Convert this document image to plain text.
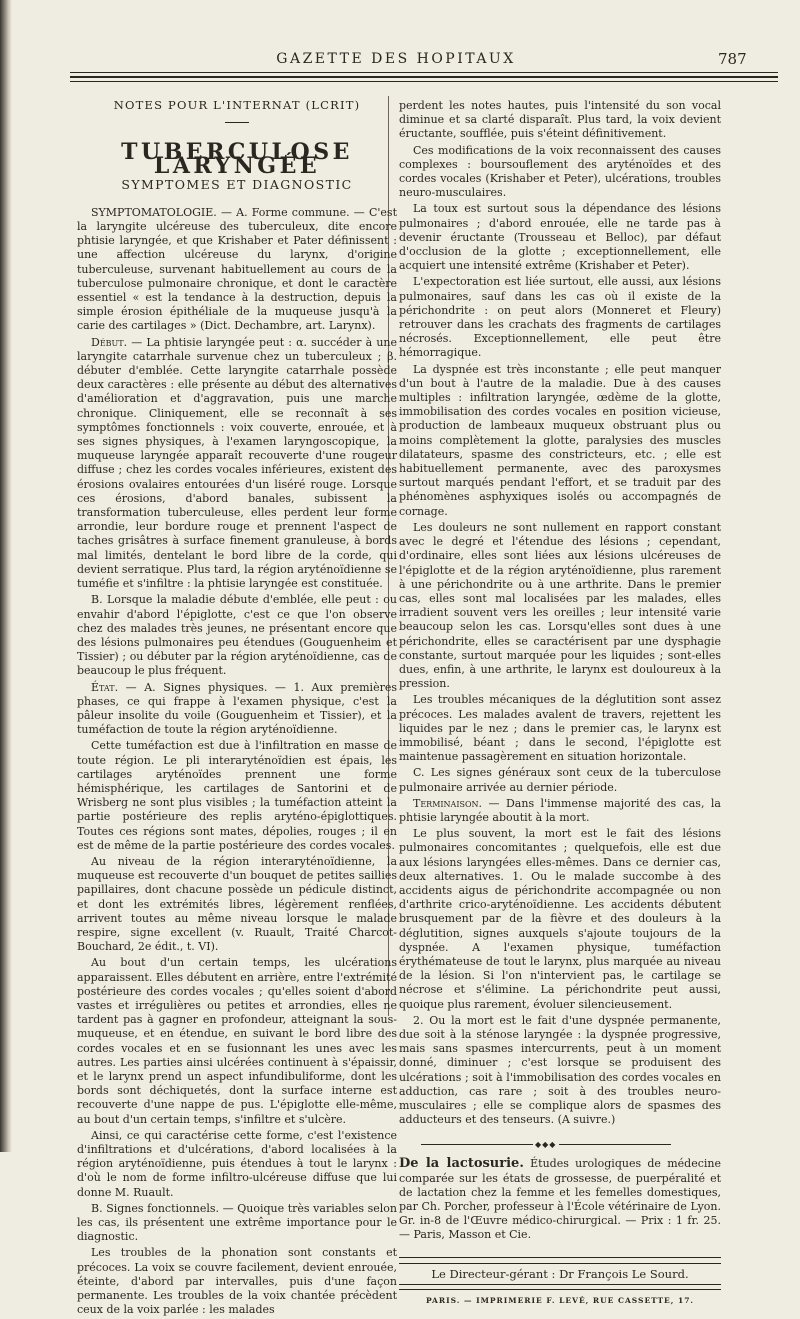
GAZETTE DES HOPITAUX	787
NOTES POUR L'INTERNAT (LCRIT)
TUBERCULOSE LARYNGÉE
SYMPTOMES ET DIAGNOSTIC

SYMPTOMATOLOGIE. — A. Forme commune. — C'est la laryngite ulcéreuse des tuberculeux, dite encore phtisie laryngée, et que Krishaber et Pater définissent : une affection ulcéreuse du larynx, d'origine tuberculeuse, survenant habituellement au cours de la tuberculose pulmonaire chronique, et dont le caractère essentiel « est la tendance à la destruction, depuis la simple érosion épithéliale de la muqueuse jusqu'à la carie des cartilages » (Dict. Dechambre, art. Larynx).

Début. — La phtisie laryngée peut : α. succéder à une laryngite catarrhale survenue chez un tuberculeux ; β. débuter d'emblée. Cette laryngite catarrhale possède deux caractères : elle présente au début des alternatives d'amélioration et d'aggravation, puis une marche chronique. Cliniquement, elle se reconnaît à ses symptômes fonctionnels : voix couverte, enrouée, et à ses signes physiques, à l'examen laryngoscopique, la muqueuse laryngée apparaît recouverte d'une rougeur diffuse ; chez les cordes vocales inférieures, existent des érosions ovalaires entourées d'un liséré rouge. Lorsque ces érosions, d'abord banales, subissent la transformation tuberculeuse, elles perdent leur forme arrondie, leur bordure rouge et prennent l'aspect de taches grisâtres à surface finement granuleuse, à bords mal limités, dentelant le bord libre de la corde, qui devient serratique. Plus tard, la région aryténoïdienne se tuméfie et s'infiltre : la phtisie laryngée est constituée.

B. Lorsque la maladie débute d'emblée, elle peut : ou envahir d'abord l'épiglotte, c'est ce que l'on observe chez des malades très jeunes, ne présentant encore que des lésions pulmonaires peu étendues (Gouguenheim et Tissier) ; ou débuter par la région aryténoïdienne, cas de beaucoup le plus fréquent.

État. — A. Signes physiques. — 1. Aux premières phases, ce qui frappe à l'examen physique, c'est la pâleur insolite du voile (Gouguenheim et Tissier), et la tuméfaction de toute la région aryténoïdienne.

Cette tuméfaction est due à l'infiltration en masse de toute région. Le pli interaryténoïdien est épais, les cartilages aryténoïdes prennent une forme hémisphérique, les cartilages de Santorini et de Wrisberg ne sont plus visibles ; la tuméfaction atteint la partie postérieure des replis aryténo-épiglottiques. Toutes ces régions sont mates, dépolies, rouges ; il en est de même de la partie postérieure des cordes vocales.

Au niveau de la région interaryténoïdienne, la muqueuse est recouverte d'un bouquet de petites saillies papillaires, dont chacune possède un pédicule distinct, et dont les extrémités libres, légèrement renflées, arrivent toutes au même niveau lorsque le malade respire, signe excellent (v. Ruault, Traité Charcot-Bouchard, 2e édit., t. VI).

Au bout d'un certain temps, les ulcérations apparaissent. Elles débutent en arrière, entre l'extrémité postérieure des cordes vocales ; qu'elles soient d'abord vastes et irrégulières ou petites et arrondies, elles ne tardent pas à gagner en profondeur, atteignant la sous-muqueuse, et en étendue, en suivant le bord libre des cordes vocales et en se fusionnant les unes avec les autres. Les parties ainsi ulcérées continuent à s'épaissir, et le larynx prend un aspect infundibuliforme, dont les bords sont déchiquetés, dont la surface interne est recouverte d'une nappe de pus. L'épiglotte elle-même, au bout d'un certain temps, s'infiltre et s'ulcère.

Ainsi, ce qui caractérise cette forme, c'est l'existence d'infiltrations et d'ulcérations, d'abord localisées à la région aryténoïdienne, puis étendues à tout le larynx : d'où le nom de forme infiltro-ulcéreuse diffuse que lui donne M. Ruault.

B. Signes fonctionnels. — Quoique très variables selon les cas, ils présentent une extrême importance pour le diagnostic.

Les troubles de la phonation sont constants et précoces. La voix se couvre facilement, devient enrouée, éteinte, d'abord par intervalles, puis d'une façon permanente. Les troubles de la voix chantée précèdent ceux de la voix parlée : les malades

perdent les notes hautes, puis l'intensité du son vocal diminue et sa clarté disparaît. Plus tard, la voix devient éructante, soufflée, puis s'éteint définitivement.

Ces modifications de la voix reconnaissent des causes complexes : boursouflement des aryténoïdes et des cordes vocales (Krishaber et Peter), ulcérations, troubles neuro-musculaires.

La toux est surtout sous la dépendance des lésions pulmonaires ; d'abord enrouée, elle ne tarde pas à devenir éructante (Trousseau et Belloc), par défaut d'occlusion de la glotte ; exceptionnellement, elle acquiert une intensité extrême (Krishaber et Peter).

L'expectoration est liée surtout, elle aussi, aux lésions pulmonaires, sauf dans les cas où il existe de la périchondrite : on peut alors (Monneret et Fleury) retrouver dans les crachats des fragments de cartilages nécrosés. Exceptionnellement, elle peut être hémorragique.

La dyspnée est très inconstante ; elle peut manquer d'un bout à l'autre de la maladie. Due à des causes multiples : infiltration laryngée, œdème de la glotte, immobilisation des cordes vocales en position vicieuse, production de lambeaux muqueux obstruant plus ou moins complètement la glotte, paralysies des muscles dilatateurs, spasme des constricteurs, etc. ; elle est habituellement permanente, avec des paroxysmes surtout marqués pendant l'effort, et se traduit par des phénomènes asphyxiques isolés ou accompagnés de cornage.

Les douleurs ne sont nullement en rapport constant avec le degré et l'étendue des lésions ; cependant, d'ordinaire, elles sont liées aux lésions ulcéreuses de l'épiglotte et de la région aryténoïdienne, plus rarement à une périchondrite ou à une arthrite. Dans le premier cas, elles sont mal localisées par les malades, elles irradient souvent vers les oreilles ; leur intensité varie beaucoup selon les cas. Lorsqu'elles sont dues à une périchondrite, elles se caractérisent par une dysphagie constante, surtout marquée pour les liquides ; sont-elles dues, enfin, à une arthrite, le larynx est douloureux à la pression.

Les troubles mécaniques de la déglutition sont assez précoces. Les malades avalent de travers, rejettent les liquides par le nez ; dans le premier cas, le larynx est immobilisé, béant ; dans le second, l'épiglotte est maintenue passagèrement en situation horizontale.

C. Les signes généraux sont ceux de la tuberculose pulmonaire arrivée au dernier période.

Terminaison. — Dans l'immense majorité des cas, la phtisie laryngée aboutit à la mort.

Le plus souvent, la mort est le fait des lésions pulmonaires concomitantes ; quelquefois, elle est due aux lésions laryngées elles-mêmes. Dans ce dernier cas, deux alternatives. 1. Ou le malade succombe à des accidents aigus de périchondrite accompagnée ou non d'arthrite crico-aryténoïdienne. Les accidents débutent brusquement par de la fièvre et des douleurs à la déglutition, signes auxquels s'ajoute toujours de la dyspnée. A l'examen physique, tuméfaction érythémateuse de tout le larynx, plus marquée au niveau de la lésion. Si l'on n'intervient pas, le cartilage se nécrose et s'élimine. La périchondrite peut aussi, quoique plus rarement, évoluer silencieusement.

2. Ou la mort est le fait d'une dyspnée permanente, due soit à la sténose laryngée : la dyspnée progressive, mais sans spasmes intercurrents, peut à un moment donné, diminuer ; c'est lorsque se produisent des ulcérations ; soit à l'immobilisation des cordes vocales en adduction, cas rare ; soit à des troubles neuro-musculaires ; elle se complique alors de spasmes des adducteurs et des tenseurs. (A suivre.)

◆◆◆

De la lactosurie. Études urologiques de médecine comparée sur les états de grossesse, de puerpéralité et de lactation chez la femme et les femelles domestiques, par Ch. Porcher, professeur à l'École vétérinaire de Lyon. Gr. in-8 de l'Œuvre médico-chirurgical. — Prix : 1 fr. 25. — Paris, Masson et Cie.

Le Directeur-gérant : Dr François Le Sourd.
PARIS. — IMPRIMERIE F. LEVÉ, RUE CASSETTE, 17.
